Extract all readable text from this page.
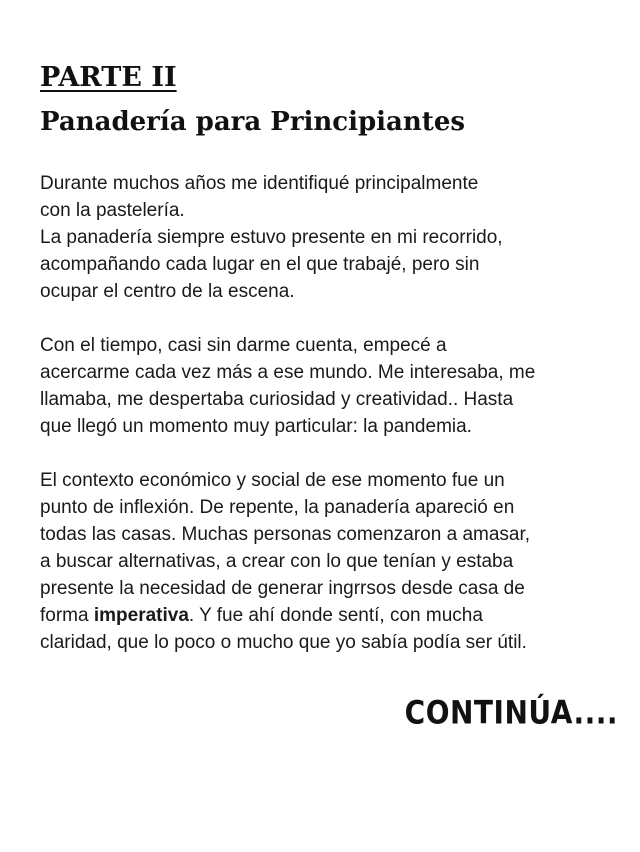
PARTE II
Panadería para Principiantes

Durante muchos años me identifiqué principalmente
con la pastelería.
La panadería siempre estuvo presente en mi recorrido,
acompañando cada lugar en el que trabajé, pero sin
ocupar el centro de la escena.

Con el tiempo, casi sin darme cuenta, empecé a
acercarme cada vez más a ese mundo. Me interesaba, me
llamaba, me despertaba curiosidad y creatividad.. Hasta
que llegó un momento muy particular: la pandemia.

El contexto económico y social de ese momento fue un
punto de inflexión. De repente, la panadería apareció en
todas las casas. Muchas personas comenzaron a amasar,
a buscar alternativas, a crear con lo que tenían y estaba
presente la necesidad de generar ingrrsos desde casa de
forma imperativa. Y fue ahí donde sentí, con mucha
claridad, que lo poco o mucho que yo sabía podía ser útil.

CONTINÚA....
